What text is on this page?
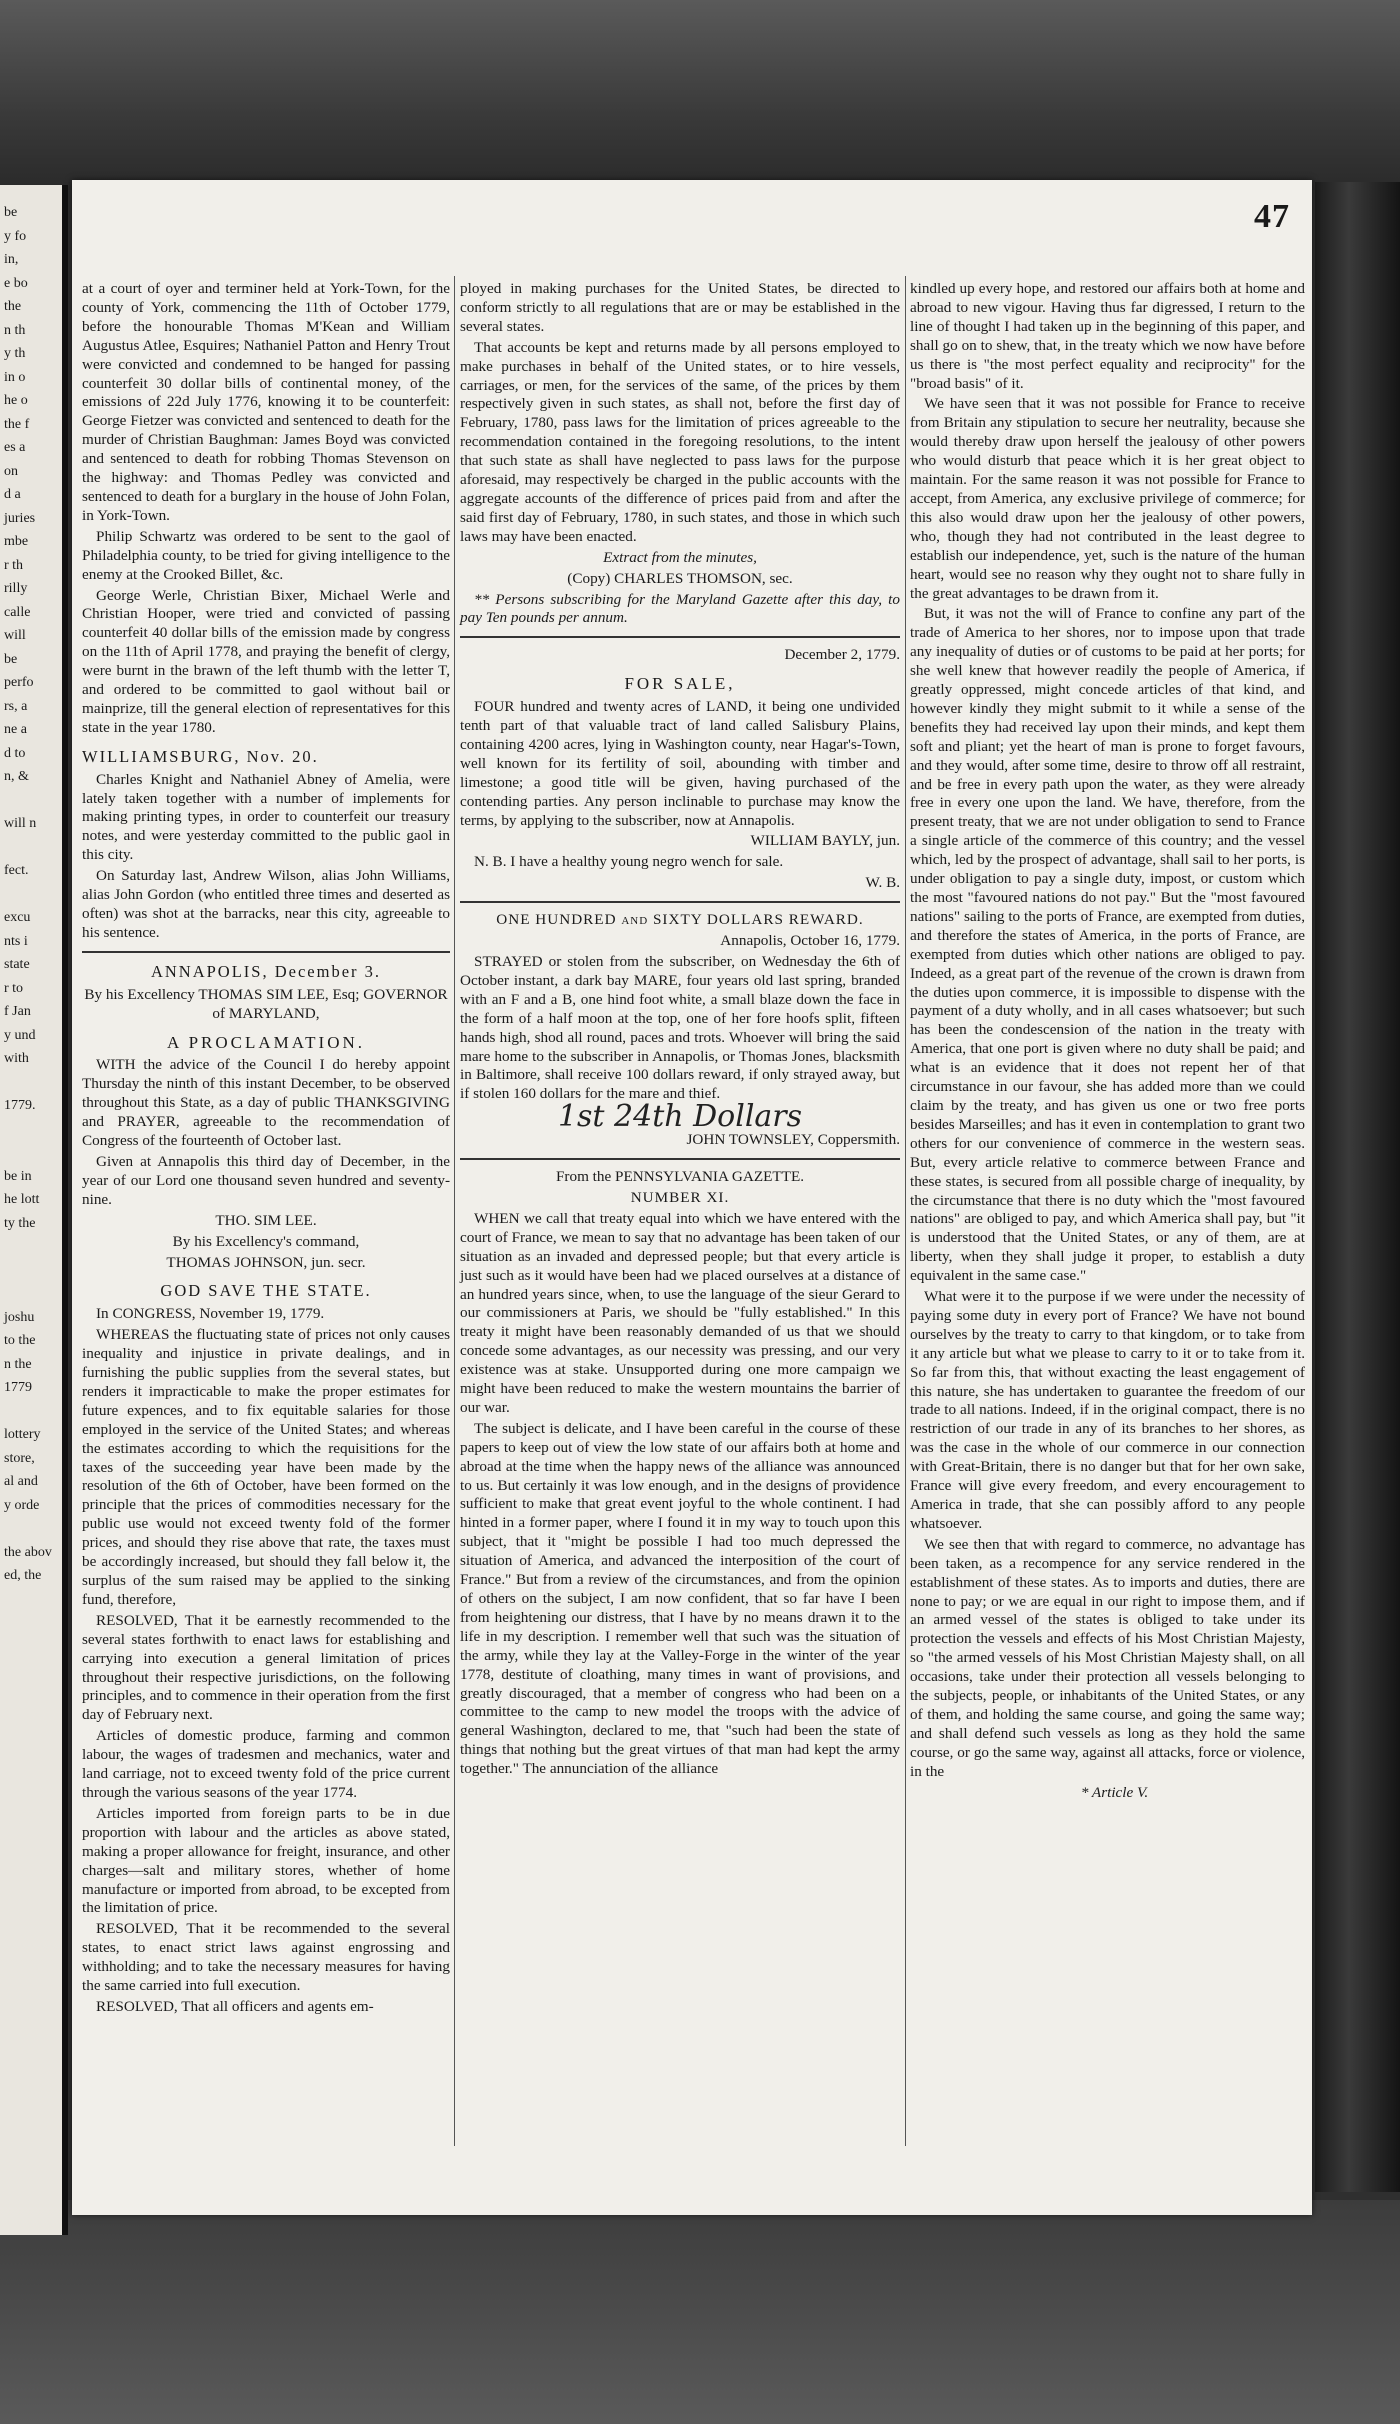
be
y fo
in,
e bo
the
n th
y th
in o
he o
the f
es a
on
d a
juries
mbe
r th
rilly
calle
will
be
perfo
rs, a
ne a
d to
n, &

will n

fect.

excu
nts i
state
r to
f Jan
y und
with

1779.

be in
he lott
ty the

joshu
to the
n the
1779

lottery
store,
al and
y orde

the abov
ed, the
47

at a court of oyer and terminer held at York-Town, for the county of York, commencing the 11th of October 1779, before the honourable Thomas M'Kean and William Augustus Atlee, Esquires; Nathaniel Patton and Henry Trout were convicted and condemned to be hanged for passing counterfeit 30 dollar bills of continental money, of the emissions of 22d July 1776, knowing it to be counterfeit: George Fietzer was convicted and sentenced to death for the murder of Christian Baughman: James Boyd was convicted and sentenced to death for robbing Thomas Stevenson on the highway: and Thomas Pedley was convicted and sentenced to death for a burglary in the house of John Folan, in York-Town.

Philip Schwartz was ordered to be sent to the gaol of Philadelphia county, to be tried for giving intelligence to the enemy at the Crooked Billet, &c.

George Werle, Christian Bixer, Michael Werle and Christian Hooper, were tried and convicted of passing counterfeit 40 dollar bills of the emission made by congress on the 11th of April 1778, and praying the benefit of clergy, were burnt in the brawn of the left thumb with the letter T, and ordered to be committed to gaol without bail or mainprize, till the general election of representatives for this state in the year 1780.

WILLIAMSBURG, Nov. 20.

Charles Knight and Nathaniel Abney of Amelia, were lately taken together with a number of implements for making printing types, in order to counterfeit our treasury notes, and were yesterday committed to the public gaol in this city.

On Saturday last, Andrew Wilson, alias John Williams, alias John Gordon (who entitled three times and deserted as often) was shot at the barracks, near this city, agreeable to his sentence.

ANNAPOLIS, December 3.

By his Excellency THOMAS SIM LEE, Esq; GOVERNOR of MARYLAND,

A PROCLAMATION.

WITH the advice of the Council I do hereby appoint Thursday the ninth of this instant December, to be observed throughout this State, as a day of public THANKSGIVING and PRAYER, agreeable to the recommendation of Congress of the fourteenth of October last.

Given at Annapolis this third day of December, in the year of our Lord one thousand seven hundred and seventy-nine.

THO. SIM LEE.

By his Excellency's command,

THOMAS JOHNSON, jun. secr.

GOD SAVE THE STATE.

In CONGRESS, November 19, 1779.

WHEREAS the fluctuating state of prices not only causes inequality and injustice in private dealings, and in furnishing the public supplies from the several states, but renders it impracticable to make the proper estimates for future expences, and to fix equitable salaries for those employed in the service of the United States; and whereas the estimates according to which the requisitions for the taxes of the succeeding year have been made by the resolution of the 6th of October, have been formed on the principle that the prices of commodities necessary for the public use would not exceed twenty fold of the former prices, and should they rise above that rate, the taxes must be accordingly increased, but should they fall below it, the surplus of the sum raised may be applied to the sinking fund, therefore,

RESOLVED, That it be earnestly recommended to the several states forthwith to enact laws for establishing and carrying into execution a general limitation of prices throughout their respective jurisdictions, on the following principles, and to commence in their operation from the first day of February next.

Articles of domestic produce, farming and common labour, the wages of tradesmen and mechanics, water and land carriage, not to exceed twenty fold of the price current through the various seasons of the year 1774.

Articles imported from foreign parts to be in due proportion with labour and the articles as above stated, making a proper allowance for freight, insurance, and other charges—salt and military stores, whether of home manufacture or imported from abroad, to be excepted from the limitation of price.

RESOLVED, That it be recommended to the several states, to enact strict laws against engrossing and withholding; and to take the necessary measures for having the same carried into full execution.

RESOLVED, That all officers and agents em-

ployed in making purchases for the United States, be directed to conform strictly to all regulations that are or may be established in the several states.

That accounts be kept and returns made by all persons employed to make purchases in behalf of the United states, or to hire vessels, carriages, or men, for the services of the same, of the prices by them respectively given in such states, as shall not, before the first day of February, 1780, pass laws for the limitation of prices agreeable to the recommendation contained in the foregoing resolutions, to the intent that such state as shall have neglected to pass laws for the purpose aforesaid, may respectively be charged in the public accounts with the aggregate accounts of the difference of prices paid from and after the said first day of February, 1780, in such states, and those in which such laws may have been enacted.

Extract from the minutes,

(Copy) CHARLES THOMSON, sec.

** Persons subscribing for the Maryland Gazette after this day, to pay Ten pounds per annum.

December 2, 1779.

FOR SALE,

FOUR hundred and twenty acres of LAND, it being one undivided tenth part of that valuable tract of land called Salisbury Plains, containing 4200 acres, lying in Washington county, near Hagar's-Town, well known for its fertility of soil, abounding with timber and limestone; a good title will be given, having purchased of the contending parties. Any person inclinable to purchase may know the terms, by applying to the subscriber, now at Annapolis.

WILLIAM BAYLY, jun.

N. B. I have a healthy young negro wench for sale.

W. B.

ONE HUNDRED and SIXTY DOLLARS REWARD.

Annapolis, October 16, 1779.

STRAYED or stolen from the subscriber, on Wednesday the 6th of October instant, a dark bay MARE, four years old last spring, branded with an F and a B, one hind foot white, a small blaze down the face in the form of a half moon at the top, one of her fore hoofs split, fifteen hands high, shod all round, paces and trots. Whoever will bring the said mare home to the subscriber in Annapolis, or Thomas Jones, blacksmith in Baltimore, shall receive 100 dollars reward, if only strayed away, but if stolen 160 dollars for the mare and thief.

1st 24th Dollars

JOHN TOWNSLEY, Coppersmith.

From the PENNSYLVANIA GAZETTE.

NUMBER XI.

WHEN we call that treaty equal into which we have entered with the court of France, we mean to say that no advantage has been taken of our situation as an invaded and depressed people; but that every article is just such as it would have been had we placed ourselves at a distance of an hundred years since, when, to use the language of the sieur Gerard to our commissioners at Paris, we should be "fully established." In this treaty it might have been reasonably demanded of us that we should concede some advantages, as our necessity was pressing, and our very existence was at stake. Unsupported during one more campaign we might have been reduced to make the western mountains the barrier of our war.

The subject is delicate, and I have been careful in the course of these papers to keep out of view the low state of our affairs both at home and abroad at the time when the happy news of the alliance was announced to us. But certainly it was low enough, and in the designs of providence sufficient to make that great event joyful to the whole continent. I had hinted in a former paper, where I found it in my way to touch upon this subject, that it "might be possible I had too much depressed the situation of America, and advanced the interposition of the court of France." But from a review of the circumstances, and from the opinion of others on the subject, I am now confident, that so far have I been from heightening our distress, that I have by no means drawn it to the life in my description. I remember well that such was the situation of the army, while they lay at the Valley-Forge in the winter of the year 1778, destitute of cloathing, many times in want of provisions, and greatly discouraged, that a member of congress who had been on a committee to the camp to new model the troops with the advice of general Washington, declared to me, that "such had been the state of things that nothing but the great virtues of that man had kept the army together." The annunciation of the alliance

kindled up every hope, and restored our affairs both at home and abroad to new vigour. Having thus far digressed, I return to the line of thought I had taken up in the beginning of this paper, and shall go on to shew, that, in the treaty which we now have before us there is "the most perfect equality and reciprocity" for the "broad basis" of it.

We have seen that it was not possible for France to receive from Britain any stipulation to secure her neutrality, because she would thereby draw upon herself the jealousy of other powers who would disturb that peace which it is her great object to maintain. For the same reason it was not possible for France to accept, from America, any exclusive privilege of commerce; for this also would draw upon her the jealousy of other powers, who, though they had not contributed in the least degree to establish our independence, yet, such is the nature of the human heart, would see no reason why they ought not to share fully in the great advantages to be drawn from it.

But, it was not the will of France to confine any part of the trade of America to her shores, nor to impose upon that trade any inequality of duties or of customs to be paid at her ports; for she well knew that however readily the people of America, if greatly oppressed, might concede articles of that kind, and however kindly they might submit to it while a sense of the benefits they had received lay upon their minds, and kept them soft and pliant; yet the heart of man is prone to forget favours, and they would, after some time, desire to throw off all restraint, and be free in every path upon the water, as they were already free in every one upon the land. We have, therefore, from the present treaty, that we are not under obligation to send to France a single article of the commerce of this country; and the vessel which, led by the prospect of advantage, shall sail to her ports, is under obligation to pay a single duty, impost, or custom which the most "favoured nations do not pay." But the "most favoured nations" sailing to the ports of France, are exempted from duties, and therefore the states of America, in the ports of France, are exempted from duties which other nations are obliged to pay. Indeed, as a great part of the revenue of the crown is drawn from the duties upon commerce, it is impossible to dispense with the payment of a duty wholly, and in all cases whatsoever; but such has been the condescension of the nation in the treaty with America, that one port is given where no duty shall be paid; and what is an evidence that it does not repent her of that circumstance in our favour, she has added more than we could claim by the treaty, and has given us one or two free ports besides Marseilles; and has it even in contemplation to grant two others for our convenience of commerce in the western seas. But, every article relative to commerce between France and these states, is secured from all possible charge of inequality, by the circumstance that there is no duty which the "most favoured nations" are obliged to pay, and which America shall pay, but "it is understood that the United States, or any of them, are at liberty, when they shall judge it proper, to establish a duty equivalent in the same case."

What were it to the purpose if we were under the necessity of paying some duty in every port of France? We have not bound ourselves by the treaty to carry to that kingdom, or to take from it any article but what we please to carry to it or to take from it. So far from this, that without exacting the least engagement of this nature, she has undertaken to guarantee the freedom of our trade to all nations. Indeed, if in the original compact, there is no restriction of our trade in any of its branches to her shores, as was the case in the whole of our commerce in our connection with Great-Britain, there is no danger but that for her own sake, France will give every freedom, and every encouragement to America in trade, that she can possibly afford to any people whatsoever.

We see then that with regard to commerce, no advantage has been taken, as a recompence for any service rendered in the establishment of these states. As to imports and duties, there are none to pay; or we are equal in our right to impose them, and if an armed vessel of the states is obliged to take under its protection the vessels and effects of his Most Christian Majesty, so "the armed vessels of his Most Christian Majesty shall, on all occasions, take under their protection all vessels belonging to the subjects, people, or inhabitants of the United States, or any of them, and holding the same course, and going the same way; and shall defend such vessels as long as they hold the same course, or go the same way, against all attacks, force or violence, in the

* Article V.
